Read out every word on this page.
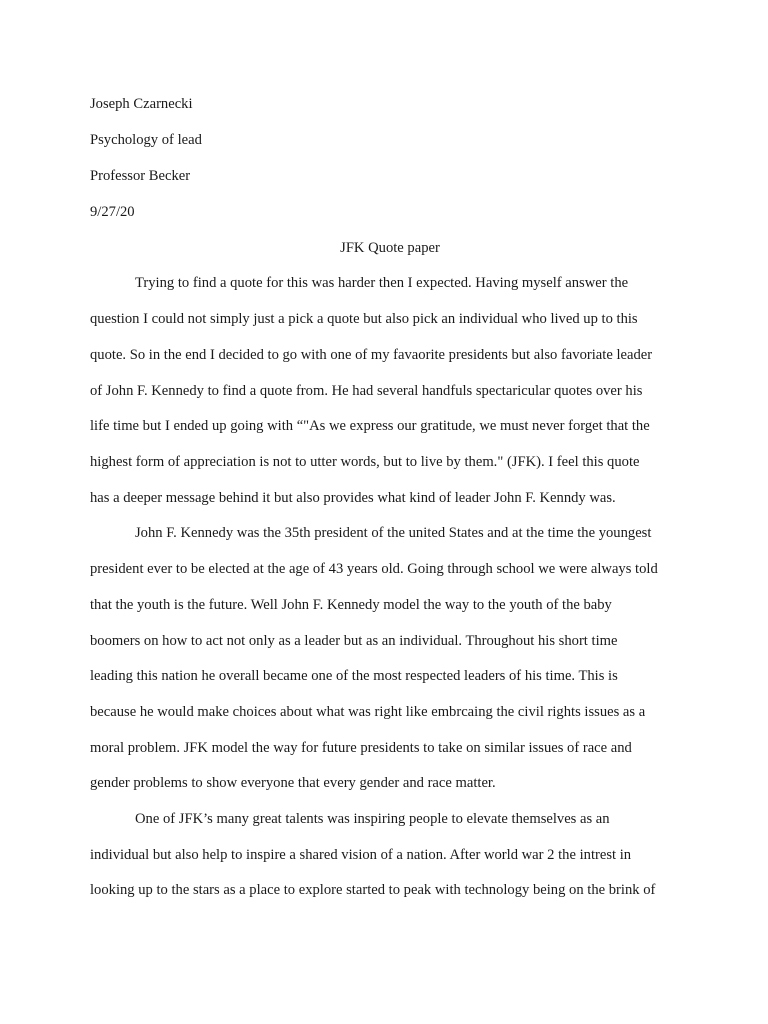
Joseph Czarnecki
Psychology of lead
Professor Becker
9/27/20
JFK Quote paper
Trying to find a quote for this was harder then I expected. Having myself answer the
question I could not simply just a pick a quote but also pick an individual who lived up to this
quote. So in the end I decided to go with one of my favaorite presidents but also favoriate leader
of John F. Kennedy to find a quote from. He had several handfuls spectaricular quotes over his
life time but I ended up going with “"As we express our gratitude, we must never forget that the
highest form of appreciation is not to utter words, but to live by them." (JFK). I feel this quote
has a deeper message behind it but also provides what kind of leader John F. Kenndy was.
John F. Kennedy was the 35th president of the united States and at the time the youngest
president ever to be elected at the age of 43 years old. Going through school we were always told
that the youth is the future. Well John F. Kennedy model the way to the youth of the baby
boomers on how to act not only as a leader but as an individual. Throughout his short time
leading this nation he overall became one of the most respected leaders of his time. This is
because he would make choices about what was right like embrcaing the civil rights issues as a
moral problem. JFK model the way for future presidents to take on similar issues of race and
gender problems to show everyone that every gender and race matter.
One of JFK’s many great talents was inspiring people to elevate themselves as an
individual but also help to inspire a shared vision of a nation. After world war 2 the intrest in
looking up to the stars as a place to explore started to peak with technology being on the brink of
